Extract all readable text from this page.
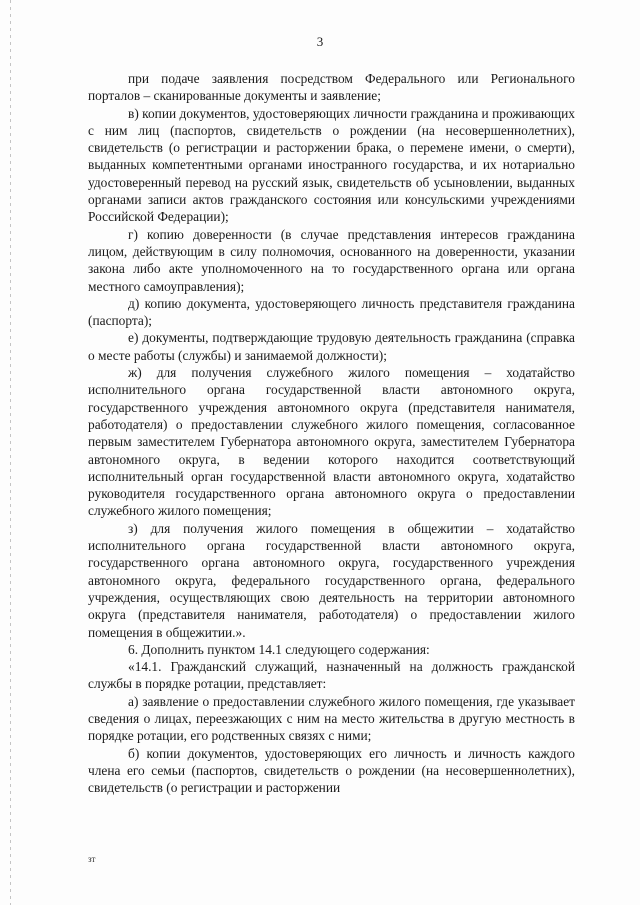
3

при подаче заявления посредством Федерального или Регионального порталов – сканированные документы и заявление;

в) копии документов, удостоверяющих личности гражданина и проживающих с ним лиц (паспортов, свидетельств о рождении (на несовершеннолетних), свидетельств (о регистрации и расторжении брака, о перемене имени, о смерти), выданных компетентными органами иностранного государства, и их нотариально удостоверенный перевод на русский язык, свидетельств об усыновлении, выданных органами записи актов гражданского состояния или консульскими учреждениями Российской Федерации);

г) копию доверенности (в случае представления интересов гражданина лицом, действующим в силу полномочия, основанного на доверенности, указании закона либо акте уполномоченного на то государственного органа или органа местного самоуправления);

д) копию документа, удостоверяющего личность представителя гражданина (паспорта);

е) документы, подтверждающие трудовую деятельность гражданина (справка о месте работы (службы) и занимаемой должности);

ж) для получения служебного жилого помещения – ходатайство исполнительного органа государственной власти автономного округа, государственного учреждения автономного округа (представителя нанимателя, работодателя) о предоставлении служебного жилого помещения, согласованное первым заместителем Губернатора автономного округа, заместителем Губернатора автономного округа, в ведении которого находится соответствующий исполнительный орган государственной власти автономного округа, ходатайство руководителя государственного органа автономного округа о предоставлении служебного жилого помещения;

з) для получения жилого помещения в общежитии – ходатайство исполнительного органа государственной власти автономного округа, государственного органа автономного округа, государственного учреждения автономного округа, федерального государственного органа, федерального учреждения, осуществляющих свою деятельность на территории автономного округа (представителя нанимателя, работодателя) о предоставлении жилого помещения в общежитии.».

6. Дополнить пунктом 14.1 следующего содержания:

«14.1. Гражданский служащий, назначенный на должность гражданской службы в порядке ротации, представляет:

а) заявление о предоставлении служебного жилого помещения, где указывает сведения о лицах, переезжающих с ним на место жительства в другую местность в порядке ротации, его родственных связях с ними;

б) копии документов, удостоверяющих его личность и личность каждого члена его семьи (паспортов, свидетельств о рождении (на несовершеннолетних), свидетельств (о регистрации и расторжении

зт
